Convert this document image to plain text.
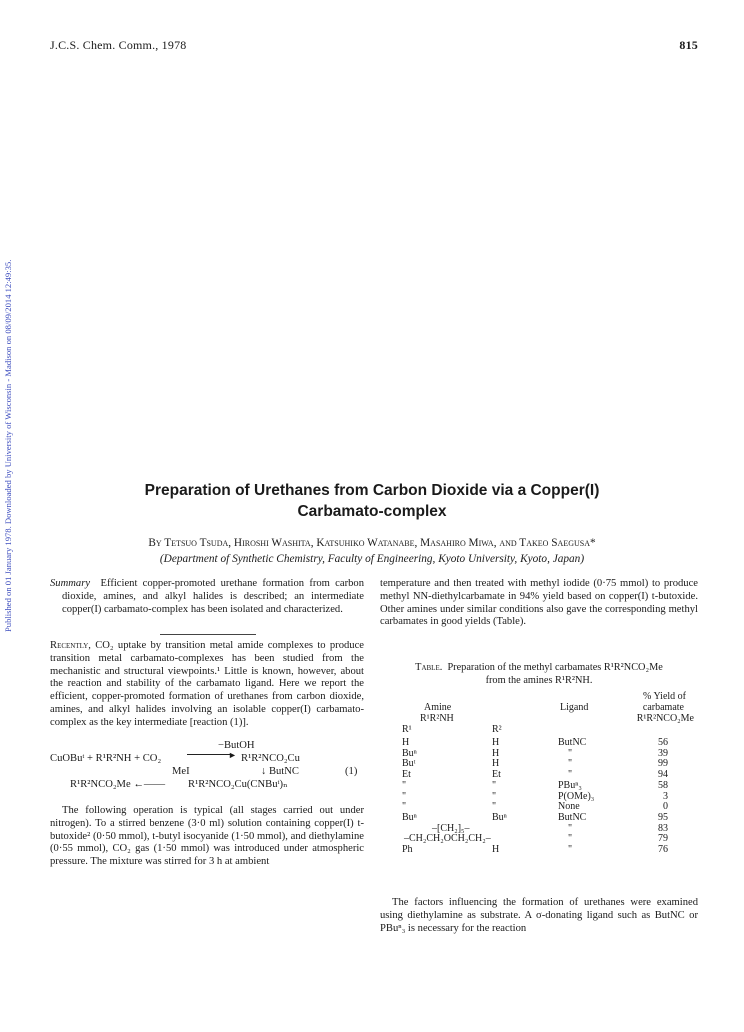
J.C.S. Chem. Comm., 1978	815
Published on 01 January 1978. Downloaded by University of Wisconsin - Madison on 08/09/2014 12:49:35.	Preparation of Urethanes from Carbon Dioxide via a Copper(I)
Carbamato-complex
By Tetsuo Tsuda, Hiroshi Washita, Katsuhiko Watanabe, Masahiro Miwa, and Takeo Saegusa*
(Department of Synthetic Chemistry, Faculty of Engineering, Kyoto University, Kyoto, Japan)
Summary Efficient copper-promoted urethane formation from carbon dioxide, amines, and alkyl halides is described; an intermediate copper(I) carbamato-complex has been isolated and characterized.
Recently, CO₂ uptake by transition metal amide complexes to produce transition metal carbamato-complexes has been studied from the mechanistic and structural viewpoints.¹ Little is known, however, about the reaction and stability of the carbamato ligand. Here we report the efficient, copper-promoted formation of urethanes from carbon dioxide, amines, and alkyl halides involving an isolable copper(I) carbamato-complex as the key intermediate [reaction (1)].
−ButOH
CuOBuᵗ + R¹R²NH + CO₂	► R¹R²NCO₂Cu
MeI	↓ ButNC	(1)
R¹R²NCO₂Me ←—— R¹R²NCO₂Cu(CNBuᵗ)ₙ
The following operation is typical (all stages carried out under nitrogen). To a stirred benzene (3·0 ml) solution containing copper(I) t-butoxide² (0·50 mmol), t-butyl isocyanide (1·50 mmol), and diethylamine (0·55 mmol), CO₂ gas (1·50 mmol) was introduced under atmospheric pressure. The mixture was stirred for 3 h at ambient
temperature and then treated with methyl iodide (0·75 mmol) to produce methyl NN-diethylcarbamate in 94% yield based on copper(I) t-butoxide. Other amines under similar conditions also gave the corresponding methyl carbamates in good yields (Table).
Table. Preparation of the methyl carbamates R¹R²NCO₂Me
from the amines R¹R²NH.
% Yield of
Amine	Ligand	carbamate
R¹R²NH	R¹R²NCO₂Me
R¹	R²
H	H	ButNC	56
Buⁿ	H	"	39
Buᵗ	H	"	99
Et	Et	"	94
"	"	PBuⁿ₃	58
"	"	P(OMe)₃	3
"	"	None	0
Buⁿ	Buⁿ	ButNC	95
–[CH₂]₅–	"	83
–CH₂CH₂OCH₂CH₂–	"	79
Ph	H	"	76
The factors influencing the formation of urethanes were examined using diethylamine as substrate. A σ-donating ligand such as ButNC or PBuⁿ₃ is necessary for the reaction
